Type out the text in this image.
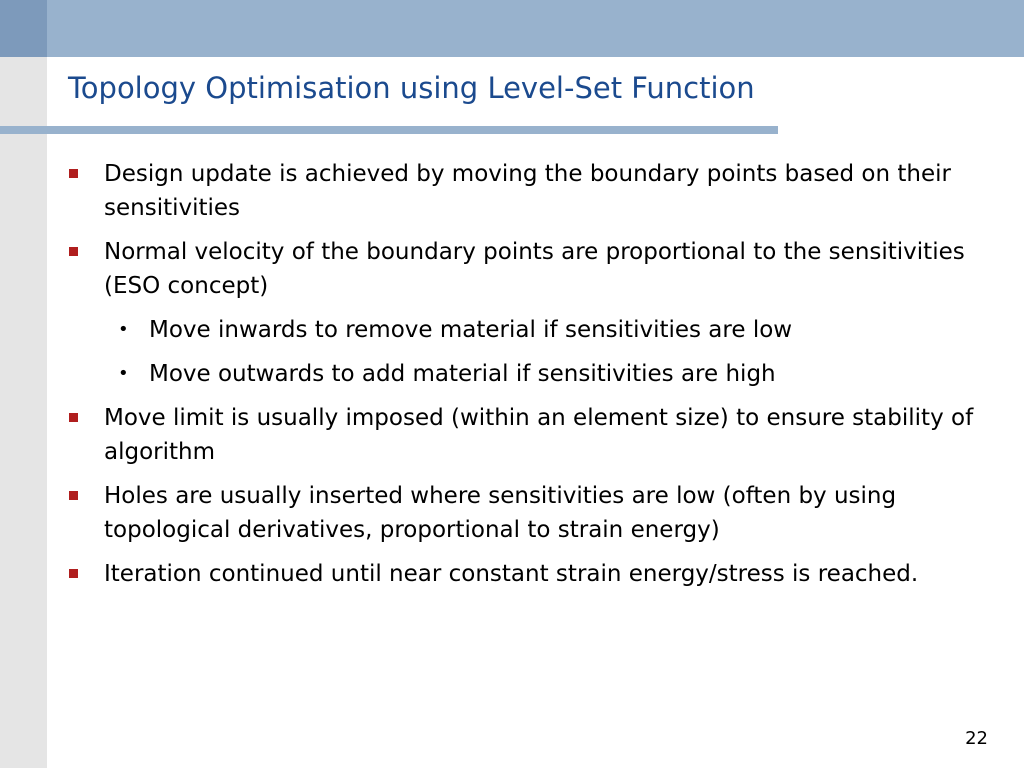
Topology Optimisation using Level-Set Function
Design update is achieved by moving the boundary points based on their sensitivities
Normal velocity of the boundary points are proportional to the sensitivities (ESO concept)
• Move inwards to remove material if sensitivities are low
• Move outwards to add material if sensitivities are high
Move limit is usually imposed (within an element size) to ensure stability of algorithm
Holes are usually inserted where sensitivities are low (often by using topological derivatives, proportional to strain energy)
Iteration continued until near constant strain energy/stress is reached.
22
